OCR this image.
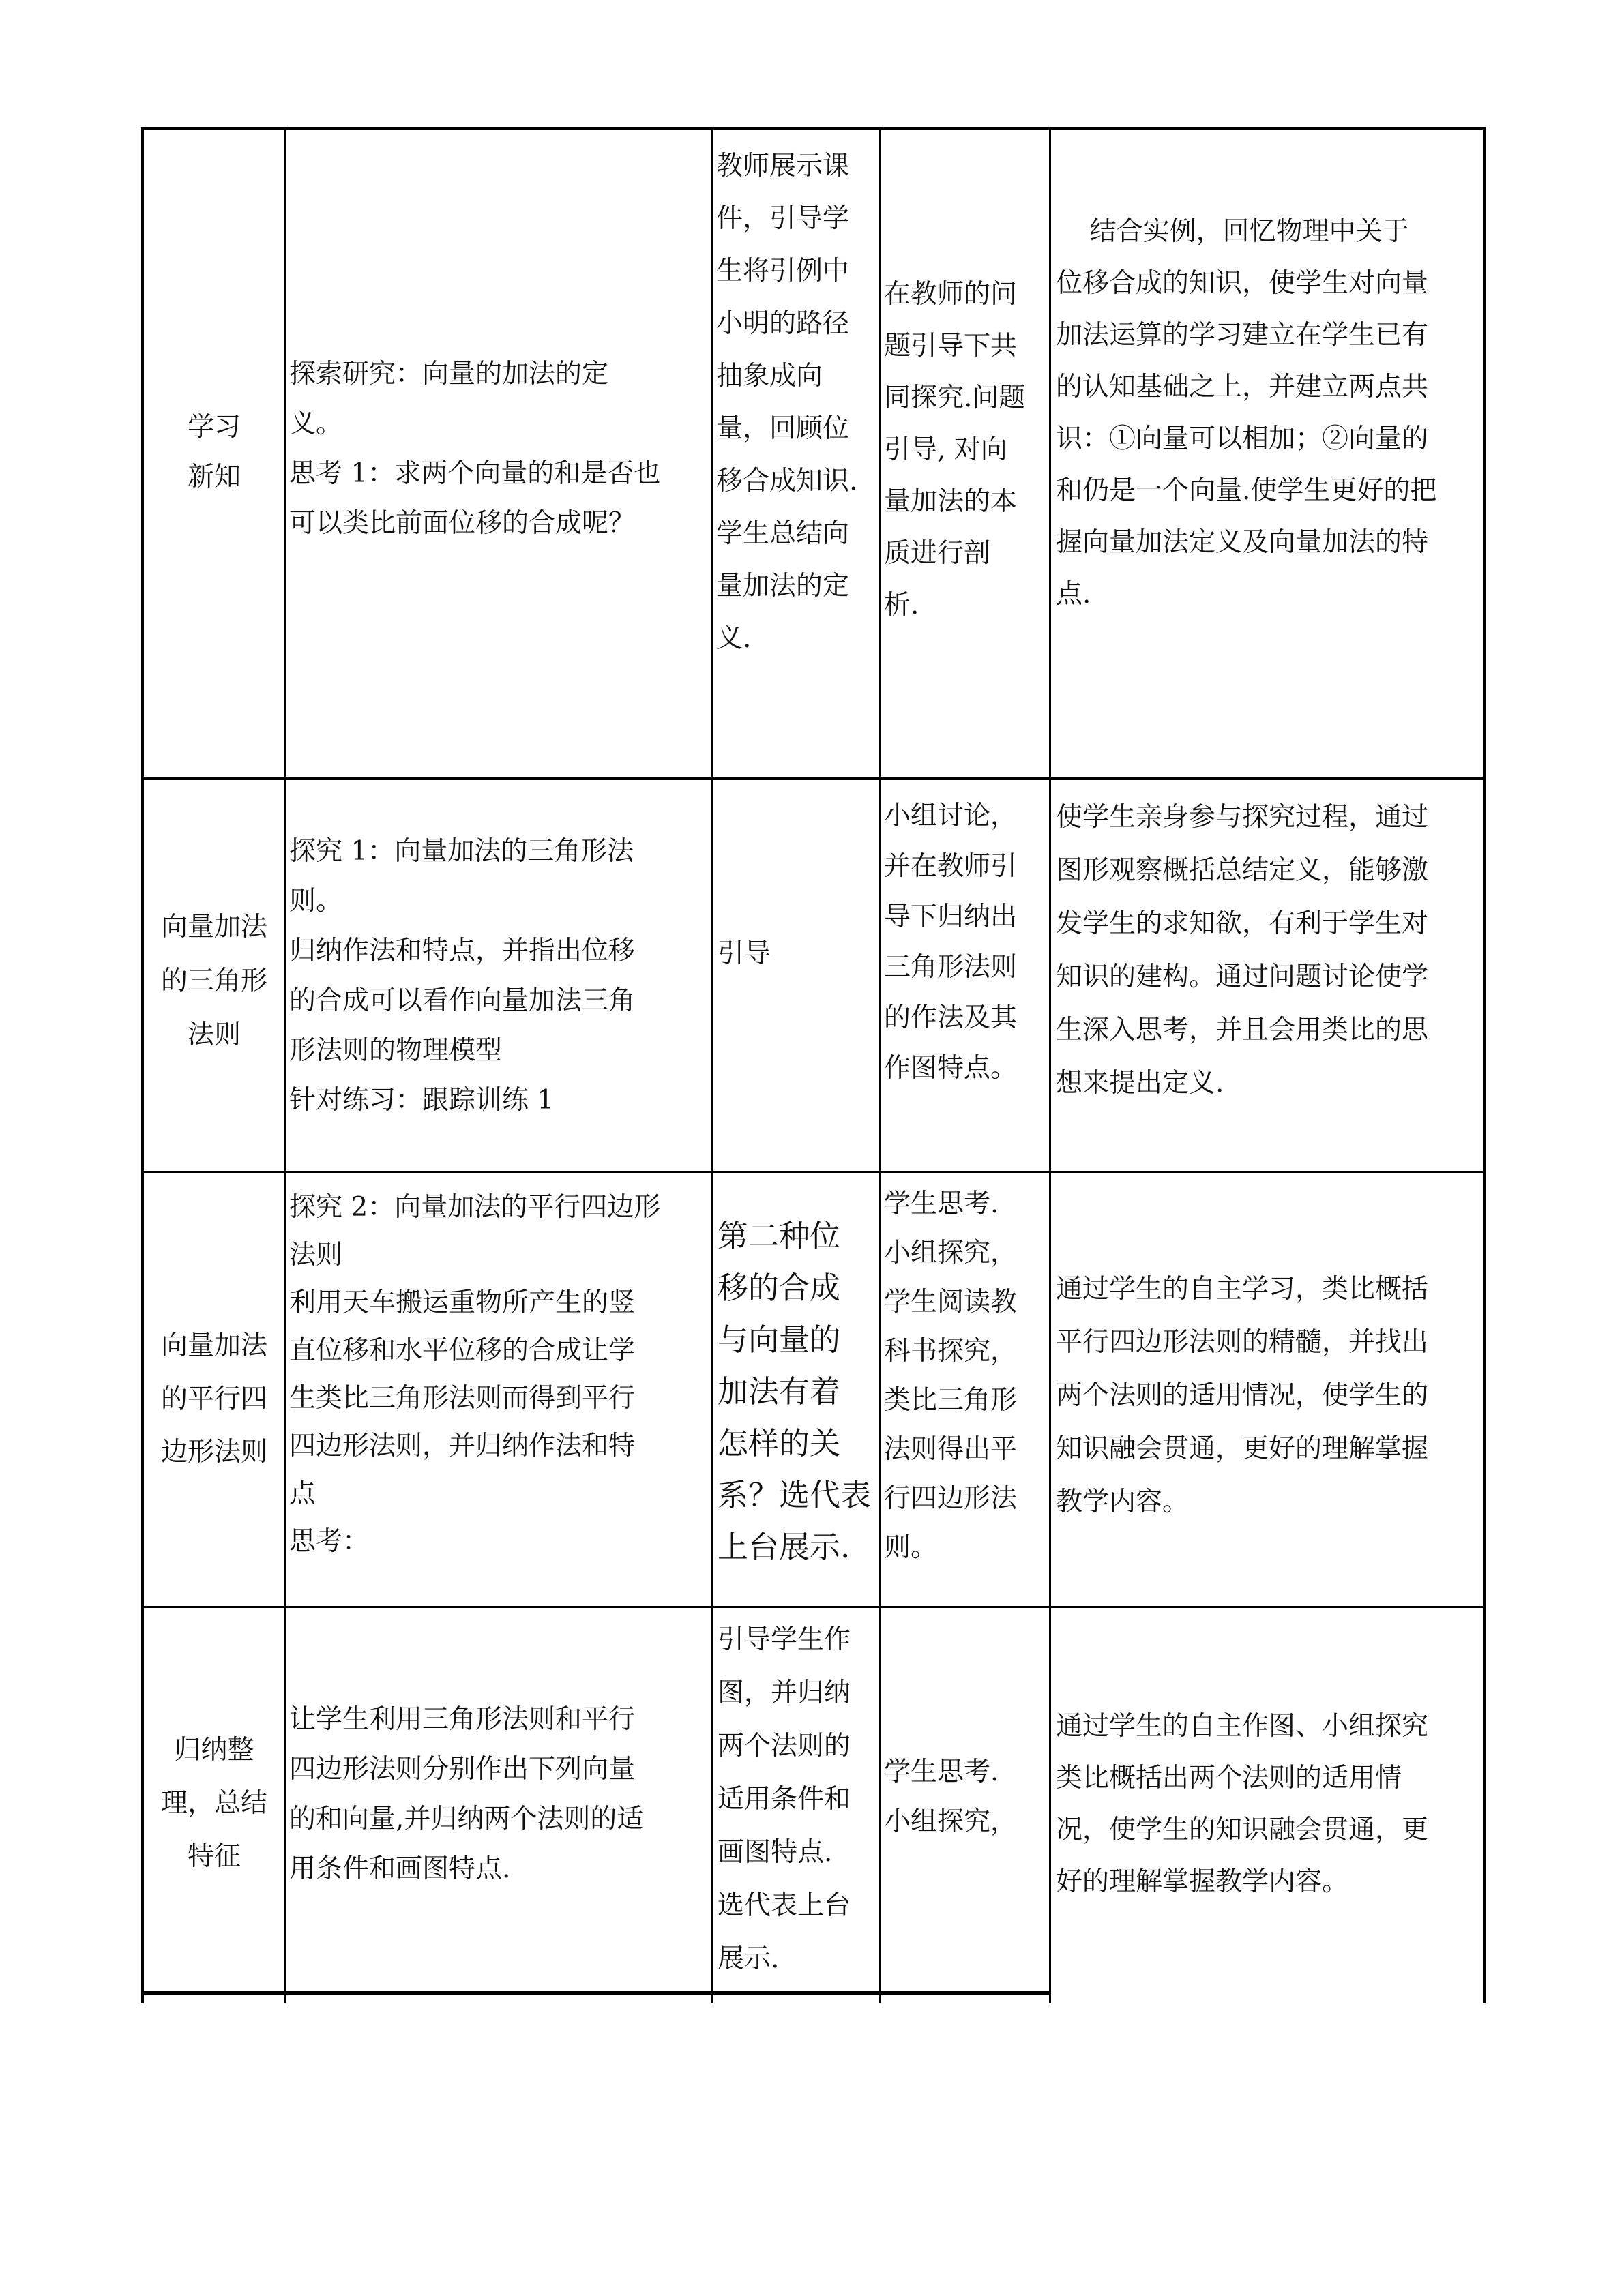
学习
新知
探索研究：向量的加法的定
义。
思考 1：求两个向量的和是否也
可以类比前面位移的合成呢？
教师展示课
件，引导学
生将引例中
小明的路径
抽象成向
量，回顾位
移合成知识.
学生总结向
量加法的定
义.
在教师的问
题引导下共
同探究.问题
引导, 对向
量加法的本
质进行剖
析.
结合实例，回忆物理中关于
位移合成的知识，使学生对向量
加法运算的学习建立在学生已有
的认知基础之上，并建立两点共
识：①向量可以相加；②向量的
和仍是一个向量.使学生更好的把
握向量加法定义及向量加法的特
点.
向量加法
的三角形
法则
探究 1：向量加法的三角形法
则。
归纳作法和特点，并指出位移
的合成可以看作向量加法三角
形法则的物理模型
针对练习：跟踪训练 1
引导
小组讨论，
并在教师引
导下归纳出
三角形法则
的作法及其
作图特点。
使学生亲身参与探究过程，通过
图形观察概括总结定义，能够激
发学生的求知欲，有利于学生对
知识的建构。通过问题讨论使学
生深入思考，并且会用类比的思
想来提出定义.
向量加法
的平行四
边形法则
探究 2：向量加法的平行四边形
法则
利用天车搬运重物所产生的竖
直位移和水平位移的合成让学
生类比三角形法则而得到平行
四边形法则，并归纳作法和特
点
思考：
第二种位
移的合成
与向量的
加法有着
怎样的关
系？选代表
上台展示.
学生思考.
小组探究，
学生阅读教
科书探究，
类比三角形
法则得出平
行四边形法
则。
通过学生的自主学习，类比概括
平行四边形法则的精髓，并找出
两个法则的适用情况，使学生的
知识融会贯通，更好的理解掌握
教学内容。
归纳整
理，总结
特征
让学生利用三角形法则和平行
四边形法则分别作出下列向量
的和向量,并归纳两个法则的适
用条件和画图特点.
引导学生作
图，并归纳
两个法则的
适用条件和
画图特点.
选代表上台
展示.
学生思考.
小组探究，
通过学生的自主作图、小组探究
类比概括出两个法则的适用情
况，使学生的知识融会贯通，更
好的理解掌握教学内容。
